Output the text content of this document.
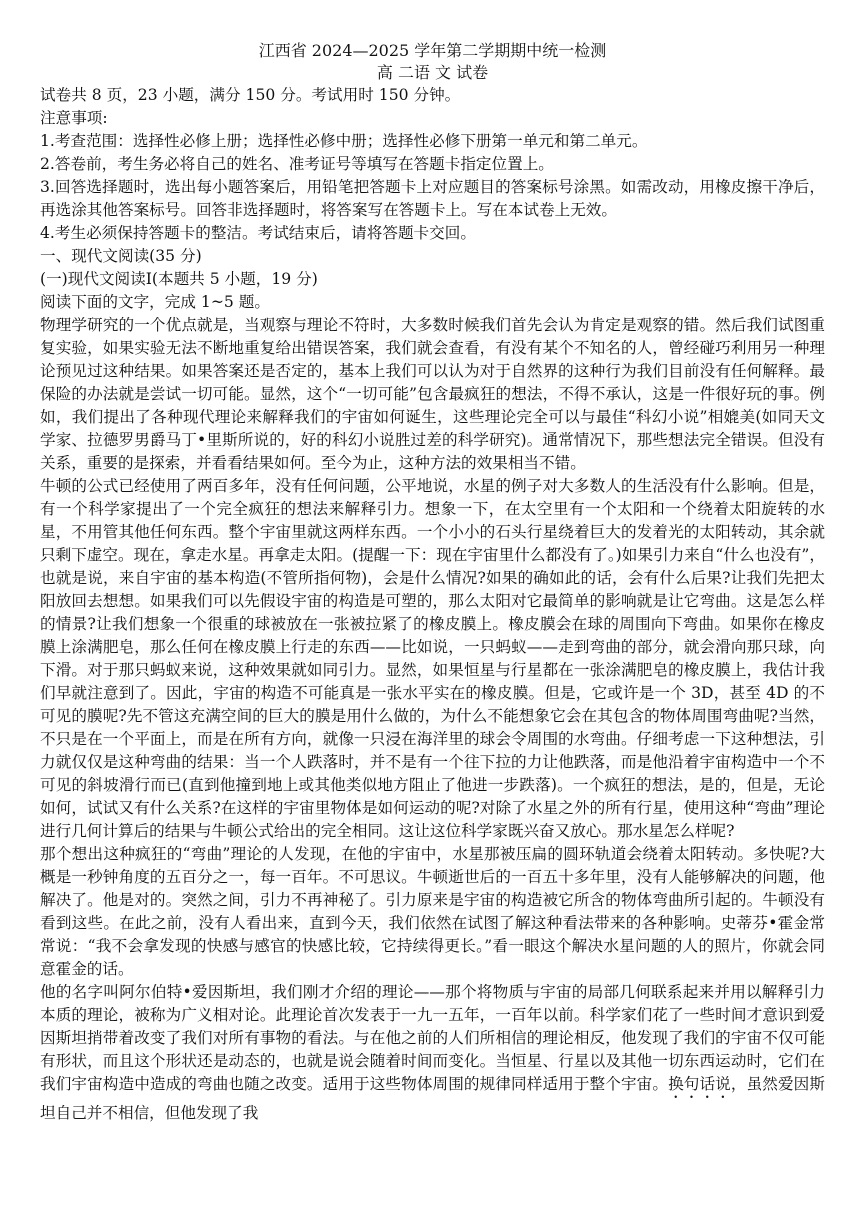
江西省 2024—2025 学年第二学期期中统一检测
高 二语 文 试卷

试卷共 8 页，23 小题，满分 150 分。考试用时 150 分钟。

注意事项:

1.考查范围：选择性必修上册；选择性必修中册；选择性必修下册第一单元和第二单元。

2.答卷前，考生务必将自己的姓名、准考证号等填写在答题卡指定位置上。

3.回答选择题时，选出每小题答案后，用铅笔把答题卡上对应题目的答案标号涂黑。如需改动，用橡皮擦干净后，再选涂其他答案标号。回答非选择题时，将答案写在答题卡上。写在本试卷上无效。

4.考生必须保持答题卡的整洁。考试结束后，请将答题卡交回。

一、现代文阅读(35 分)

(一)现代文阅读Ⅰ(本题共 5 小题，19 分)

阅读下面的文字，完成 1~5 题。

物理学研究的一个优点就是，当观察与理论不符时，大多数时候我们首先会认为肯定是观察的错。然后我们试图重复实验，如果实验无法不断地重复给出错误答案，我们就会查看，有没有某个不知名的人，曾经碰巧利用另一种理论预见过这种结果。如果答案还是否定的，基本上我们可以认为对于自然界的这种行为我们目前没有任何解释。最保险的办法就是尝试一切可能。显然，这个“一切可能”包含最疯狂的想法，不得不承认，这是一件很好玩的事。例如，我们提出了各种现代理论来解释我们的宇宙如何诞生，这些理论完全可以与最佳“科幻小说”相媲美(如同天文学家、拉德罗男爵马丁•里斯所说的，好的科幻小说胜过差的科学研究)。通常情况下，那些想法完全错误。但没有关系，重要的是探索，并看看结果如何。至今为止，这种方法的效果相当不错。

牛顿的公式已经使用了两百多年，没有任何问题，公平地说，水星的例子对大多数人的生活没有什么影响。但是，有一个科学家提出了一个完全疯狂的想法来解释引力。想象一下，在太空里有一个太阳和一个绕着太阳旋转的水星，不用管其他任何东西。整个宇宙里就这两样东西。一个小小的石头行星绕着巨大的发着光的太阳转动，其余就只剩下虚空。现在，拿走水星。再拿走太阳。(提醒一下：现在宇宙里什么都没有了。)如果引力来自“什么也没有”，也就是说，来自宇宙的基本构造(不管所指何物)，会是什么情况?如果的确如此的话，会有什么后果?让我们先把太阳放回去想想。如果我们可以先假设宇宙的构造是可塑的，那么太阳对它最简单的影响就是让它弯曲。这是怎么样的情景?让我们想象一个很重的球被放在一张被拉紧了的橡皮膜上。橡皮膜会在球的周围向下弯曲。如果你在橡皮膜上涂满肥皂，那么任何在橡皮膜上行走的东西——比如说，一只蚂蚁——走到弯曲的部分，就会滑向那只球，向下滑。对于那只蚂蚁来说，这种效果就如同引力。显然，如果恒星与行星都在一张涂满肥皂的橡皮膜上，我估计我们早就注意到了。因此，宇宙的构造不可能真是一张水平实在的橡皮膜。但是，它或许是一个 3D，甚至 4D 的不可见的膜呢?先不管这充满空间的巨大的膜是用什么做的，为什么不能想象它会在其包含的物体周围弯曲呢?当然，不只是在一个平面上，而是在所有方向，就像一只浸在海洋里的球会令周围的水弯曲。仔细考虑一下这种想法，引力就仅仅是这种弯曲的结果：当一个人跌落时，并不是有一个往下拉的力让他跌落，而是他沿着宇宙构造中一个不可见的斜坡滑行而已(直到他撞到地上或其他类似地方阻止了他进一步跌落)。一个疯狂的想法，是的，但是，无论如何，试试又有什么关系?在这样的宇宙里物体是如何运动的呢?对除了水星之外的所有行星，使用这种“弯曲”理论进行几何计算后的结果与牛顿公式给出的完全相同。这让这位科学家既兴奋又放心。那水星怎么样呢?

那个想出这种疯狂的“弯曲”理论的人发现，在他的宇宙中，水星那被压扁的圆环轨道会绕着太阳转动。多快呢?大概是一秒钟角度的五百分之一，每一百年。不可思议。牛顿逝世后的一百五十多年里，没有人能够解决的问题，他解决了。他是对的。突然之间，引力不再神秘了。引力原来是宇宙的构造被它所含的物体弯曲所引起的。牛顿没有看到这些。在此之前，没有人看出来，直到今天，我们依然在试图了解这种看法带来的各种影响。史蒂芬•霍金常常说：“我不会拿发现的快感与感官的快感比较，它持续得更长。”看一眼这个解决水星问题的人的照片，你就会同意霍金的话。

他的名字叫阿尔伯特•爱因斯坦，我们刚才介绍的理论——那个将物质与宇宙的局部几何联系起来并用以解释引力本质的理论，被称为广义相对论。此理论首次发表于一九一五年，一百年以前。科学家们花了一些时间才意识到爱因斯坦捎带着改变了我们对所有事物的看法。与在他之前的人们所相信的理论相反，他发现了我们的宇宙不仅可能有形状，而且这个形状还是动态的，也就是说会随着时间而变化。当恒星、行星以及其他一切东西运动时，它们在我们宇宙构造中造成的弯曲也随之改变。适用于这些物体周围的规律同样适用于整个宇宙。换句话说，虽然爱因斯坦自己并不相信，但他发现了我
